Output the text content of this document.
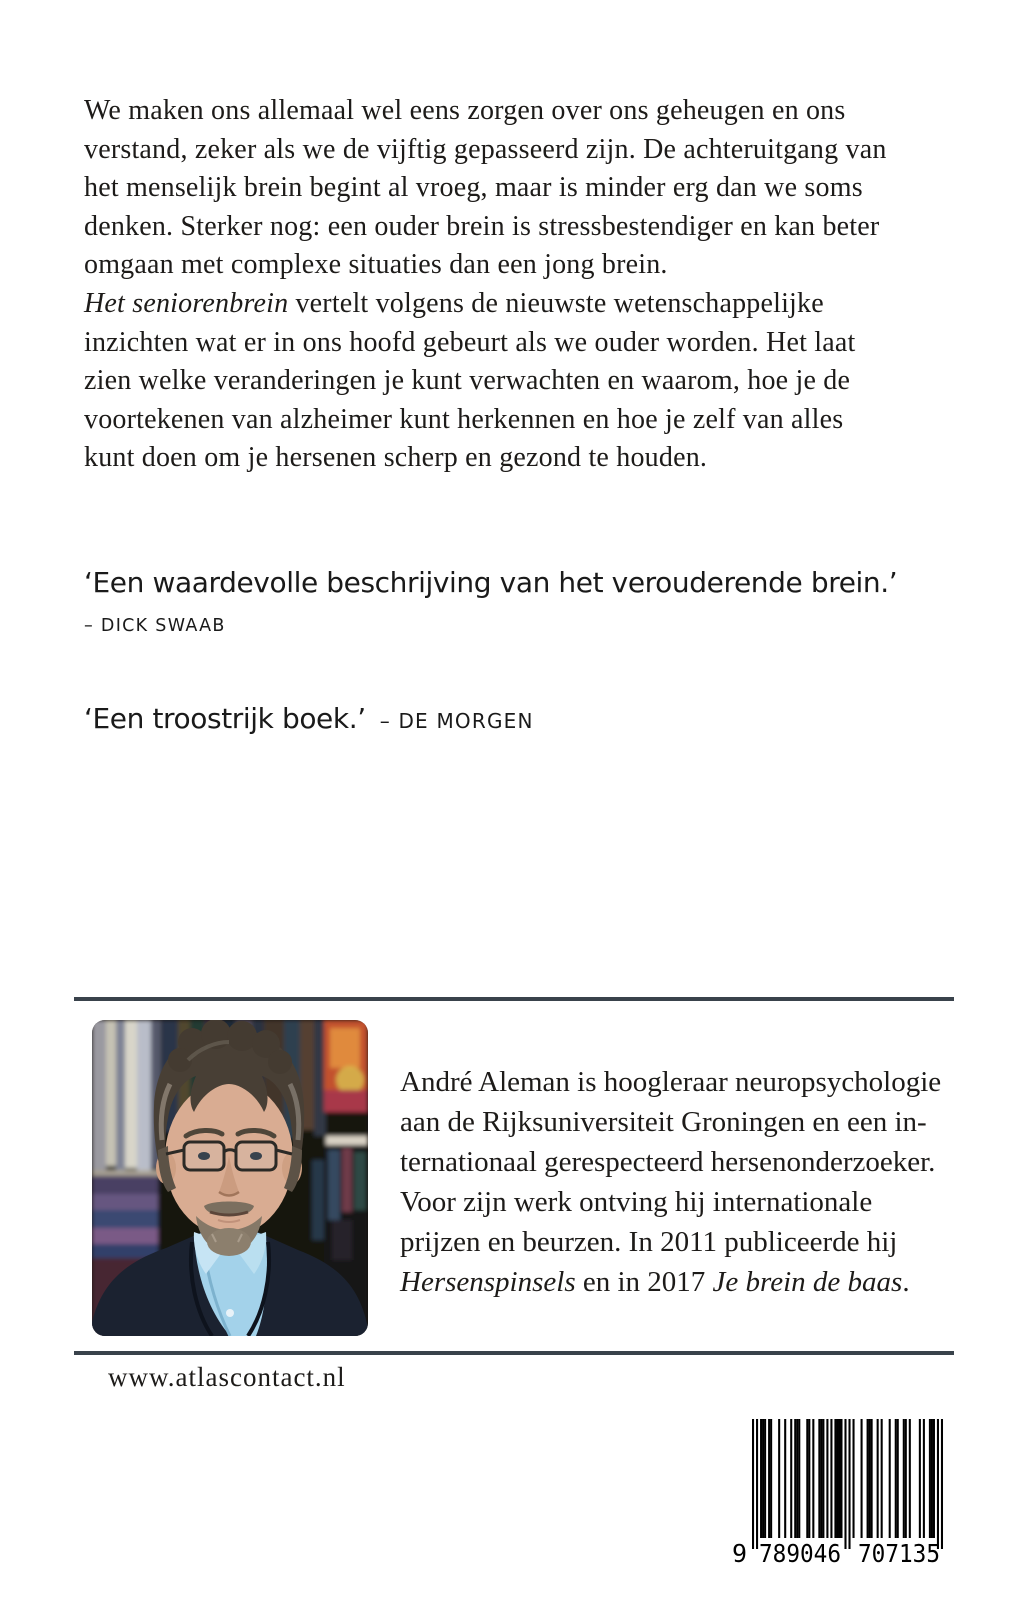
We maken ons allemaal wel eens zorgen over ons geheugen en ons
verstand, zeker als we de vijftig gepasseerd zijn. De achteruitgang van
het menselijk brein begint al vroeg, maar is minder erg dan we soms
denken. Sterker nog: een ouder brein is stressbestendiger en kan beter
omgaan met complexe situaties dan een jong brein.

Het seniorenbrein vertelt volgens de nieuwste wetenschappelijke
inzichten wat er in ons hoofd gebeurt als we ouder worden. Het laat
zien welke veranderingen je kunt verwachten en waarom, hoe je de
voortekenen van alzheimer kunt herkennen en hoe je zelf van alles
kunt doen om je hersenen scherp en gezond te houden.

‘Een waardevolle beschrijving van het verouderende brein.’
– DICK SWAAB
‘Een troostrijk boek.’ – DE MORGEN
André Aleman is hoogleraar neuropsychologie
aan de Rijksuniversiteit Groningen en een in-
ternationaal gerespecteerd hersenonderzoeker.
Voor zijn werk ontving hij internationale
prijzen en beurzen. In 2011 publiceerde hij
Hersenspinsels en in 2017 Je brein de baas.
www.atlascontact.nl
9 789046 707135
